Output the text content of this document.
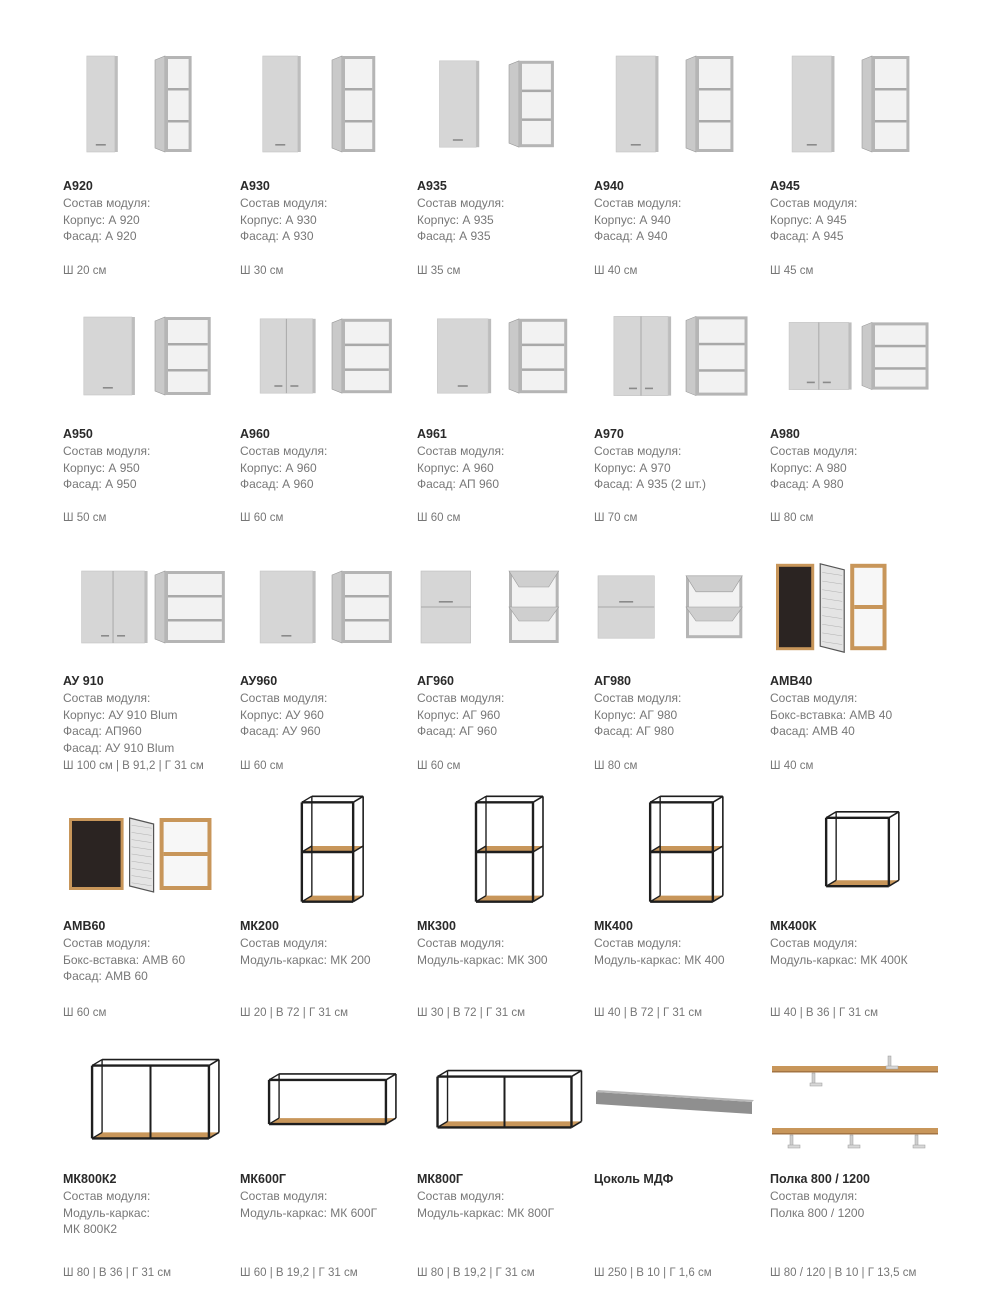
А920
Состав модуля:
Корпус: А 920
Фасад: А 920
Ш 20 см
А930
Состав модуля:
Корпус: А 930
Фасад: А 930
Ш 30 см
А935
Состав модуля:
Корпус: А 935
Фасад: А 935
Ш 35 см
А940
Состав модуля:
Корпус: А 940
Фасад: А 940
Ш 40 см
А945
Состав модуля:
Корпус: А 945
Фасад: А 945
Ш 45 см
А950
Состав модуля:
Корпус: А 950
Фасад: А 950
Ш 50 см
А960
Состав модуля:
Корпус: А 960
Фасад: А 960
Ш 60 см
А961
Состав модуля:
Корпус: А 960
Фасад: АП 960
Ш 60 см
А970
Состав модуля:
Корпус: А 970
Фасад: А 935 (2 шт.)
Ш 70 см
А980
Состав модуля:
Корпус: А 980
Фасад: А 980
Ш 80 см
АУ 910
Состав модуля:
Корпус: АУ 910 Blum
Фасад: АП960
Фасад: АУ 910 Blum
Ш 100 см | В 91,2 | Г 31 см
АУ960
Состав модуля:
Корпус: АУ 960
Фасад: АУ 960
Ш 60 см
АГ960
Состав модуля:
Корпус: АГ 960
Фасад: АГ 960
Ш 60 см
АГ980
Состав модуля:
Корпус: АГ 980
Фасад: АГ 980
Ш 80 см
АМВ40
Состав модуля:
Бокс-вставка: АМВ 40
Фасад: АМВ 40
Ш 40 см
АМВ60
Состав модуля:
Бокс-вставка: АМВ 60
Фасад: АМВ 60
Ш 60 см
МК200
Состав модуля:
Модуль-каркас: МК 200
Ш 20 | В 72 | Г 31 см
МК300
Состав модуля:
Модуль-каркас: МК 300
Ш 30 | В 72 | Г 31 см
МК400
Состав модуля:
Модуль-каркас: МК 400
Ш 40 | В 72 | Г 31 см
МК400К
Состав модуля:
Модуль-каркас: МК 400К
Ш 40 | В 36 | Г 31 см
МК800К2
Состав модуля:
Модуль-каркас:
МК 800К2
Ш 80 | В 36 | Г 31 см
МК600Г
Состав модуля:
Модуль-каркас: МК 600Г
Ш 60 | В 19,2 | Г 31 см
МК800Г
Состав модуля:
Модуль-каркас: МК 800Г
Ш 80 | В 19,2 | Г 31 см
Цоколь МДФ
Ш 250 | В 10 | Г 1,6 см
Полка 800 / 1200
Состав модуля:
Полка 800 / 1200
Ш 80 / 120 | В 10 | Г 13,5 см
